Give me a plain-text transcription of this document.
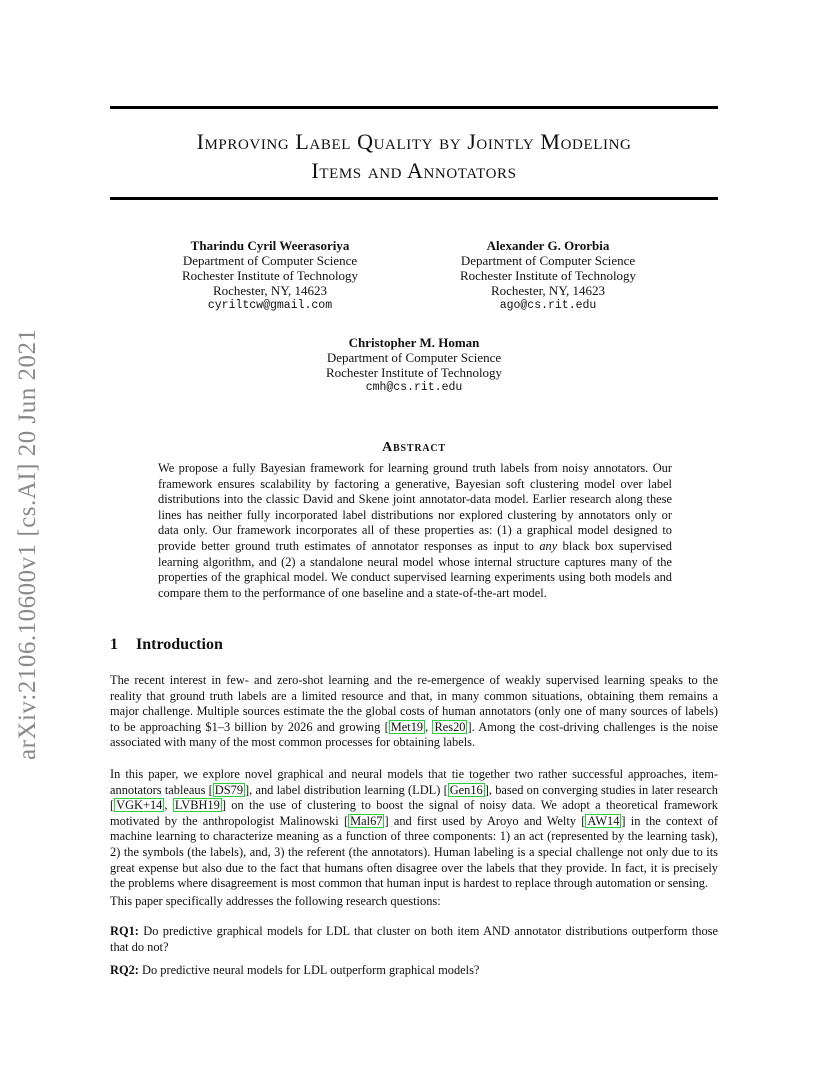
arXiv:2106.10600v1 [cs.AI] 20 Jun 2021
Improving Label Quality by Jointly Modeling
Items and Annotators
Tharindu Cyril Weerasoriya
Department of Computer Science
Rochester Institute of Technology
Rochester, NY, 14623
cyriltcw@gmail.com
Alexander G. Ororbia
Department of Computer Science
Rochester Institute of Technology
Rochester, NY, 14623
ago@cs.rit.edu
Christopher M. Homan
Department of Computer Science
Rochester Institute of Technology
cmh@cs.rit.edu
Abstract
We propose a fully Bayesian framework for learning ground truth labels from noisy annotators. Our framework ensures scalability by factoring a generative, Bayesian soft clustering model over label distributions into the classic David and Skene joint annotator-data model. Earlier research along these lines has neither fully incorporated label distributions nor explored clustering by annotators only or data only. Our framework incorporates all of these properties as: (1) a graphical model designed to provide better ground truth estimates of annotator responses as input to any black box supervised learning algorithm, and (2) a standalone neural model whose internal structure captures many of the properties of the graphical model. We conduct supervised learning experiments using both models and compare them to the performance of one baseline and a state-of-the-art model.
1 Introduction
The recent interest in few- and zero-shot learning and the re-emergence of weakly supervised learning speaks to the reality that ground truth labels are a limited resource and that, in many common situations, obtaining them remains a major challenge. Multiple sources estimate the the global costs of human annotators (only one of many sources of labels) to be approaching $1–3 billion by 2026 and growing [ Met19 , Res20 ]. Among the cost-driving challenges is the noise associated with many of the most common processes for obtaining labels.
In this paper, we explore novel graphical and neural models that tie together two rather successful approaches, item-annotators tableaus [ DS79 ], and label distribution learning (LDL) [ Gen16 ], based on converging studies in later research [ VGK+14 , LVBH19 ] on the use of clustering to boost the signal of noisy data. We adopt a theoretical framework motivated by the anthropologist Malinowski [ Mal67 ] and first used by Aroyo and Welty [ AW14 ] in the context of machine learning to characterize meaning as a function of three components: 1) an act (represented by the learning task), 2) the symbols (the labels), and, 3) the referent (the annotators). Human labeling is a special challenge not only due to its great expense but also due to the fact that humans often disagree over the labels that they provide. In fact, it is precisely the problems where disagreement is most common that human input is hardest to replace through automation or sensing.
This paper specifically addresses the following research questions:
RQ1: Do predictive graphical models for LDL that cluster on both item AND annotator distributions outperform those that do not?
RQ2: Do predictive neural models for LDL outperform graphical models?
